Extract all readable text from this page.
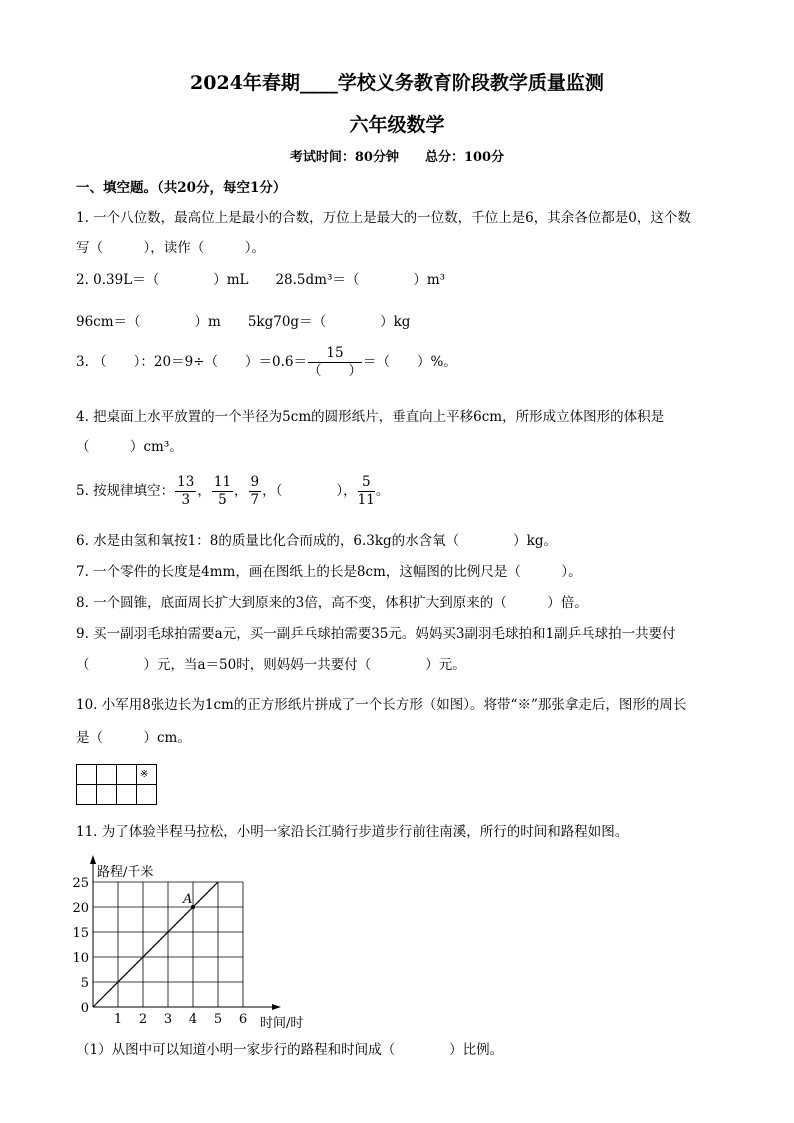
2024年春期____学校义务教育阶段教学质量监测
六年级数学
考试时间：80分钟　　总分：100分
一、填空题。（共20分，每空1分）
1. 一个八位数，最高位上是最小的合数，万位上是最大的一位数，千位上是6，其余各位都是0，这个数
写（　　　），读作（　　　）。
2. 0.39L＝（　　　　）mL　　28.5dm³＝（　　　　）m³
96cm＝（　　　　）m　　5kg70g＝（　　　　）kg
3. （　　）：20＝9÷（　　）$=0.6= \frac{15}{( )}$ ＝（　　）%。
4. 把桌面上水平放置的一个半径为5cm的圆形纸片，垂直向上平移6cm，所形成立体图形的体积是
（　　　）cm³。
5. 按规律填空： $\frac{13}{3}$ ， $\frac{11}{5}$ ， $\frac{9}{7}$ ，（　　　　）， $\frac{5}{11}$ 。
6. 水是由氢和氧按1：8的质量比化合而成的，6.3kg的水含氧（　　　　）kg。
7. 一个零件的长度是4mm，画在图纸上的长是8cm，这幅图的比例尺是（　　　）。
8. 一个圆锥，底面周长扩大到原来的3倍，高不变，体积扩大到原来的（　　　）倍。
9. 买一副羽毛球拍需要a元，买一副乒乓球拍需要35元。妈妈买3副羽毛球拍和1副乒乓球拍一共要付
（　　　　）元，当a＝50时，则妈妈一共要付（　　　　）元。
10. 小军用8张边长为1cm的正方形纸片拼成了一个长方形（如图）。将带“※”那张拿走后，图形的周长
是（　　　）cm。
※
11. 为了体验半程马拉松，小明一家沿长江骑行步道步行前往南溪，所行的时间和路程如图。
1 2 3 4 5 6
0
5
10
15
20
25
路程/千米
时间/时
A
（1）从图中可以知道小明一家步行的路程和时间成（　　　　）比例。
